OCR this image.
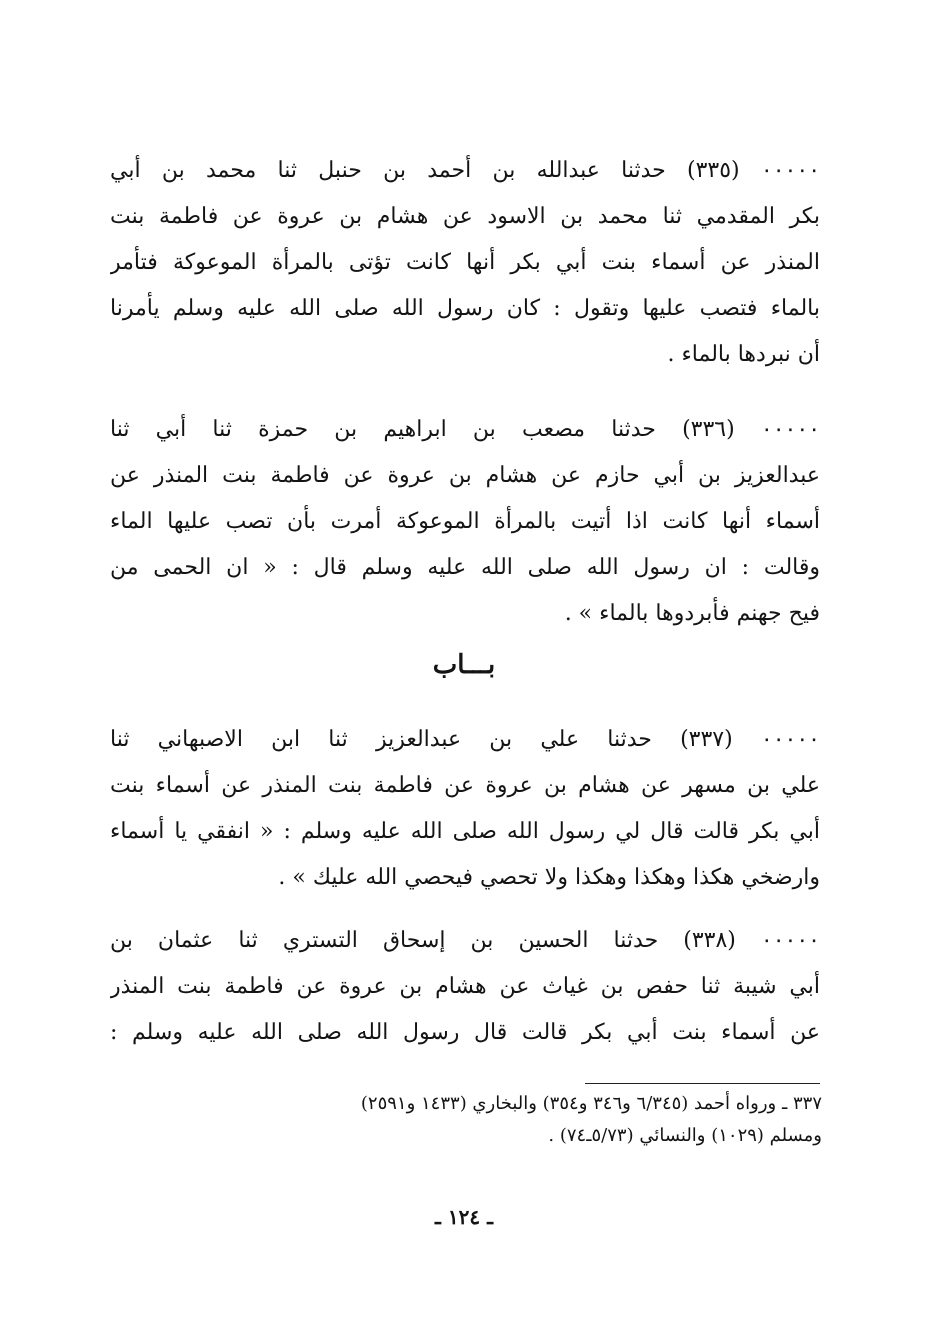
٠٠٠٠٠ (٣٣٥) حدثنا عبدالله بن أحمد بن حنبل ثنا محمد بن أبي
بكر المقدمي ثنا محمد بن الاسود عن هشام بن عروة عن فاطمة بنت
المنذر عن أسماء بنت أبي بكر أنها كانت تؤتى بالمرأة الموعوكة فتأمر
بالماء فتصب عليها وتقول : كان رسول الله صلى الله عليه وسلم يأمرنا
أن نبردها بالماء .
٠٠٠٠٠ (٣٣٦) حدثنا مصعب بن ابراهيم بن حمزة ثنا أبي ثنا
عبدالعزيز بن أبي حازم عن هشام بن عروة عن فاطمة بنت المنذر عن
أسماء أنها كانت اذا أتيت بالمرأة الموعوكة أمرت بأن تصب عليها الماء
وقالت : ان رسول الله صلى الله عليه وسلم قال : « ان الحمى من
فيح جهنم فأبردوها بالماء » .
بـــاب
٠٠٠٠٠ (٣٣٧) حدثنا علي بن عبدالعزيز ثنا ابن الاصبهاني ثنا
علي بن مسهر عن هشام بن عروة عن فاطمة بنت المنذر عن أسماء بنت
أبي بكر قالت قال لي رسول الله صلى الله عليه وسلم : « انفقي يا أسماء
وارضخي هكذا وهكذا وهكذا ولا تحصي فيحصي الله عليك » .
٠٠٠٠٠ (٣٣٨) حدثنا الحسين بن إسحاق التستري ثنا عثمان بن
أبي شيبة ثنا حفص بن غياث عن هشام بن عروة عن فاطمة بنت المنذر
عن أسماء بنت أبي بكر قالت قال رسول الله صلى الله عليه وسلم :
٣٣٧ ـ ورواه أحمد (٦/٣٤٥ و٣٤٦ و٣٥٤) والبخاري (١٤٣٣ و٢٥٩١)
ومسلم (١٠٢٩) والنسائي (٥/٧٣ـ٧٤) .
ـ ١٢٤ ـ
